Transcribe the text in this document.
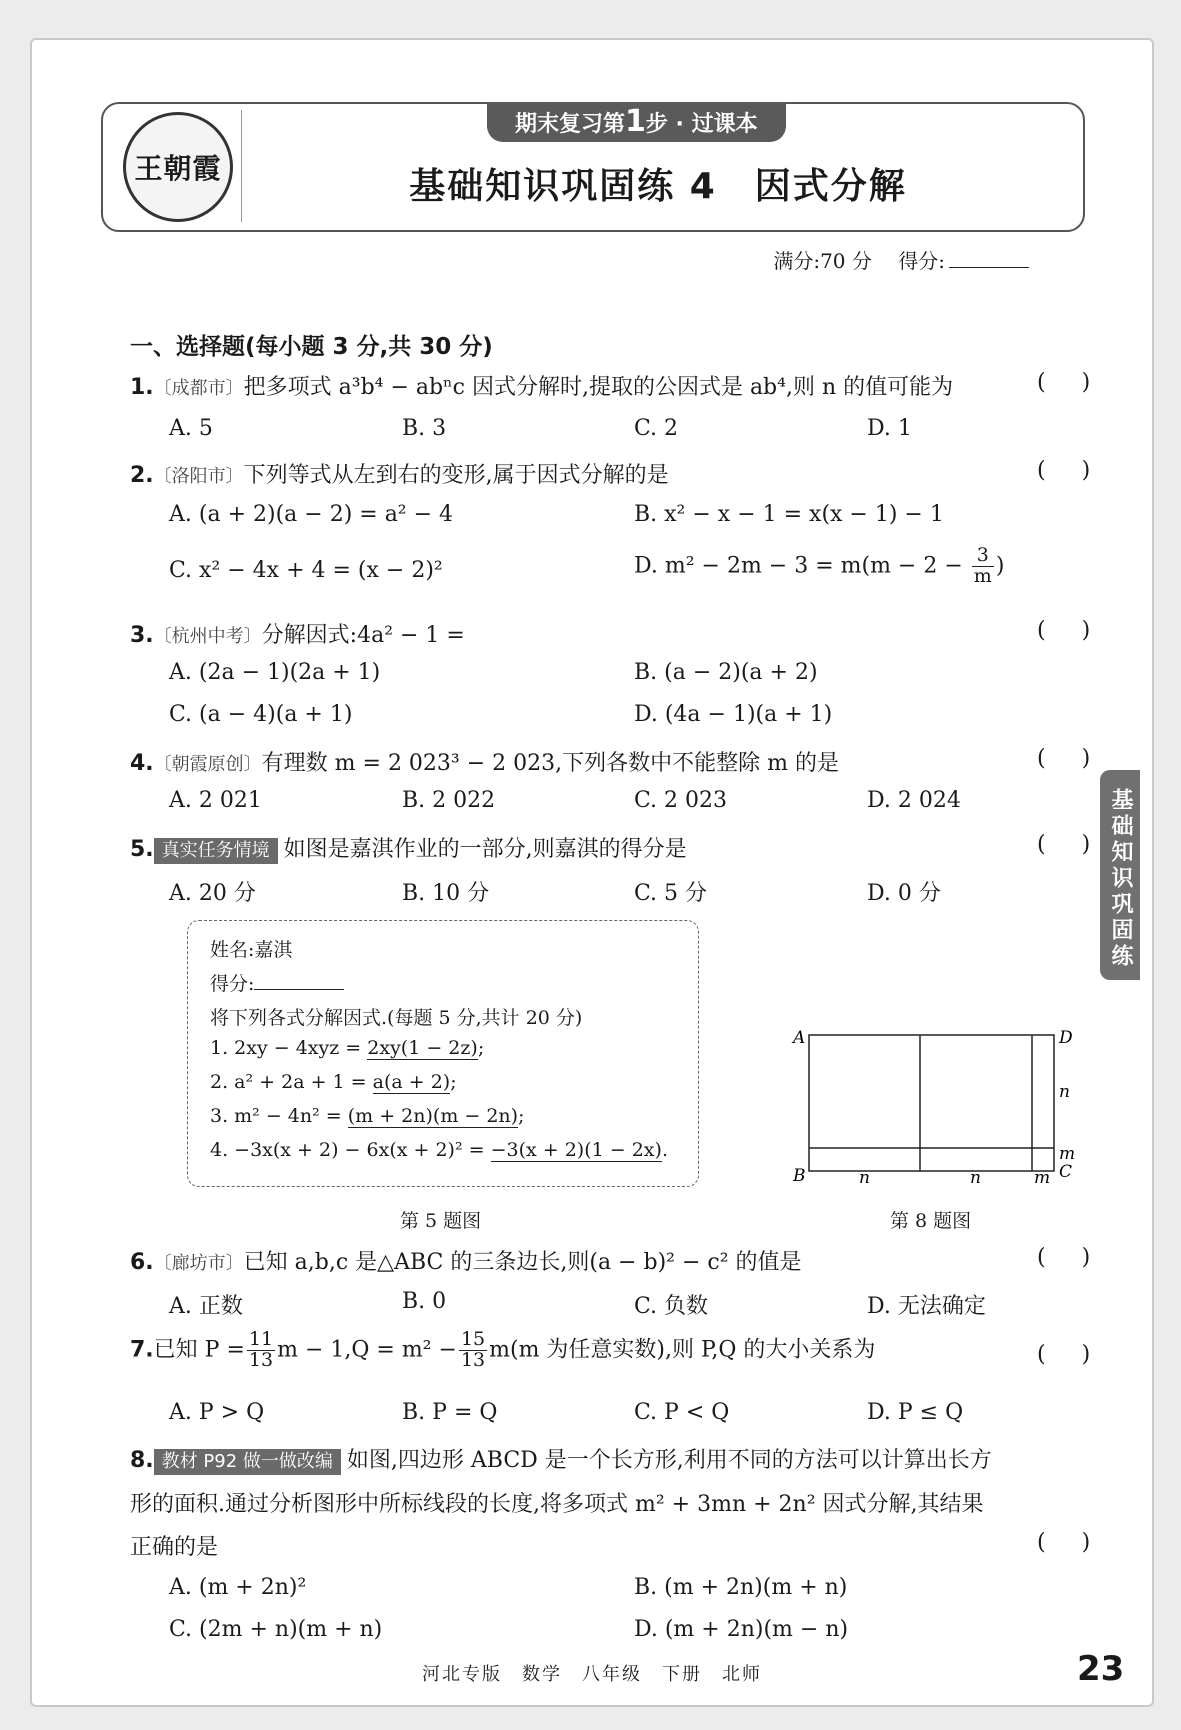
王朝霞
期末复习第1步 · 过课本
基础知识巩固练 4　因式分解
满分:70 分　 得分:
一、选择题(每小题 3 分,共 30 分)
1.〔成都市〕把多项式 a³b⁴ − abⁿc 因式分解时,提取的公因式是 ab⁴,则 n 的值可能为
( )
A. 5	B. 3	C. 2	D. 1
2.〔洛阳市〕下列等式从左到右的变形,属于因式分解的是
( )
A. (a + 2)(a − 2) = a² − 4	B. x² − x − 1 = x(x − 1) − 1
C. x² − 4x + 4 = (x − 2)²	D. $m^2 - 2m - 3 = m(m - 2 - \frac{3}{m}$ )
3.〔杭州中考〕分解因式:4a² − 1 =
( )
A. (2a − 1)(2a + 1)	B. (a − 2)(a + 2)
C. (a − 4)(a + 1)	D. (4a − 1)(a + 1)
4.〔朝霞原创〕有理数 m = 2 023³ − 2 023,下列各数中不能整除 m 的是
( )
A. 2 021	B. 2 022	C. 2 023	D. 2 024
5. 真实任务情境 如图是嘉淇作业的一部分,则嘉淇的得分是
( )
A. 20 分	B. 10 分	C. 5 分	D. 0 分
姓名:嘉淇
得分:
将下列各式分解因式.(每题 5 分,共计 20 分)
1. 2xy − 4xyz = 2xy(1 − 2z);
2. a² + 2a + 1 = a(a + 2);
3. m² − 4n² = (m + 2n)(m − 2n);
4. −3x(x + 2) − 6x(x + 2)² = −3(x + 2)(1 − 2x).
第 5 题图
A	D
B	C
n	n	m
n
m
第 8 题图
6.〔廊坊市〕已知 a,b,c 是△ABC 的三条边长,则(a − b)² − c² 的值是
( )
A. 正数	B. 0	C. 负数	D. 无法确定
7.已知 $P = \frac{11}{13}$ $m - 1,Q = m^2 - \frac{15}{13} m(m$ 为任意实数),则 P,Q 的大小关系为
( )
A. P > Q	B. P = Q	C. P < Q	D. P ≤ Q
8. 教材 P92 做一做改编 如图,四边形 ABCD 是一个长方形,利用不同的方法可以计算出长方
形的面积.通过分析图形中所标线段的长度,将多项式 m² + 3mn + 2n² 因式分解,其结果
正确的是
( )
A. (m + 2n)²	B. (m + 2n)(m + n)
C. (2m + n)(m + n)	D. (m + 2n)(m − n)
河北专版　数学　八年级　下册　北师	23
基础知识巩固练
